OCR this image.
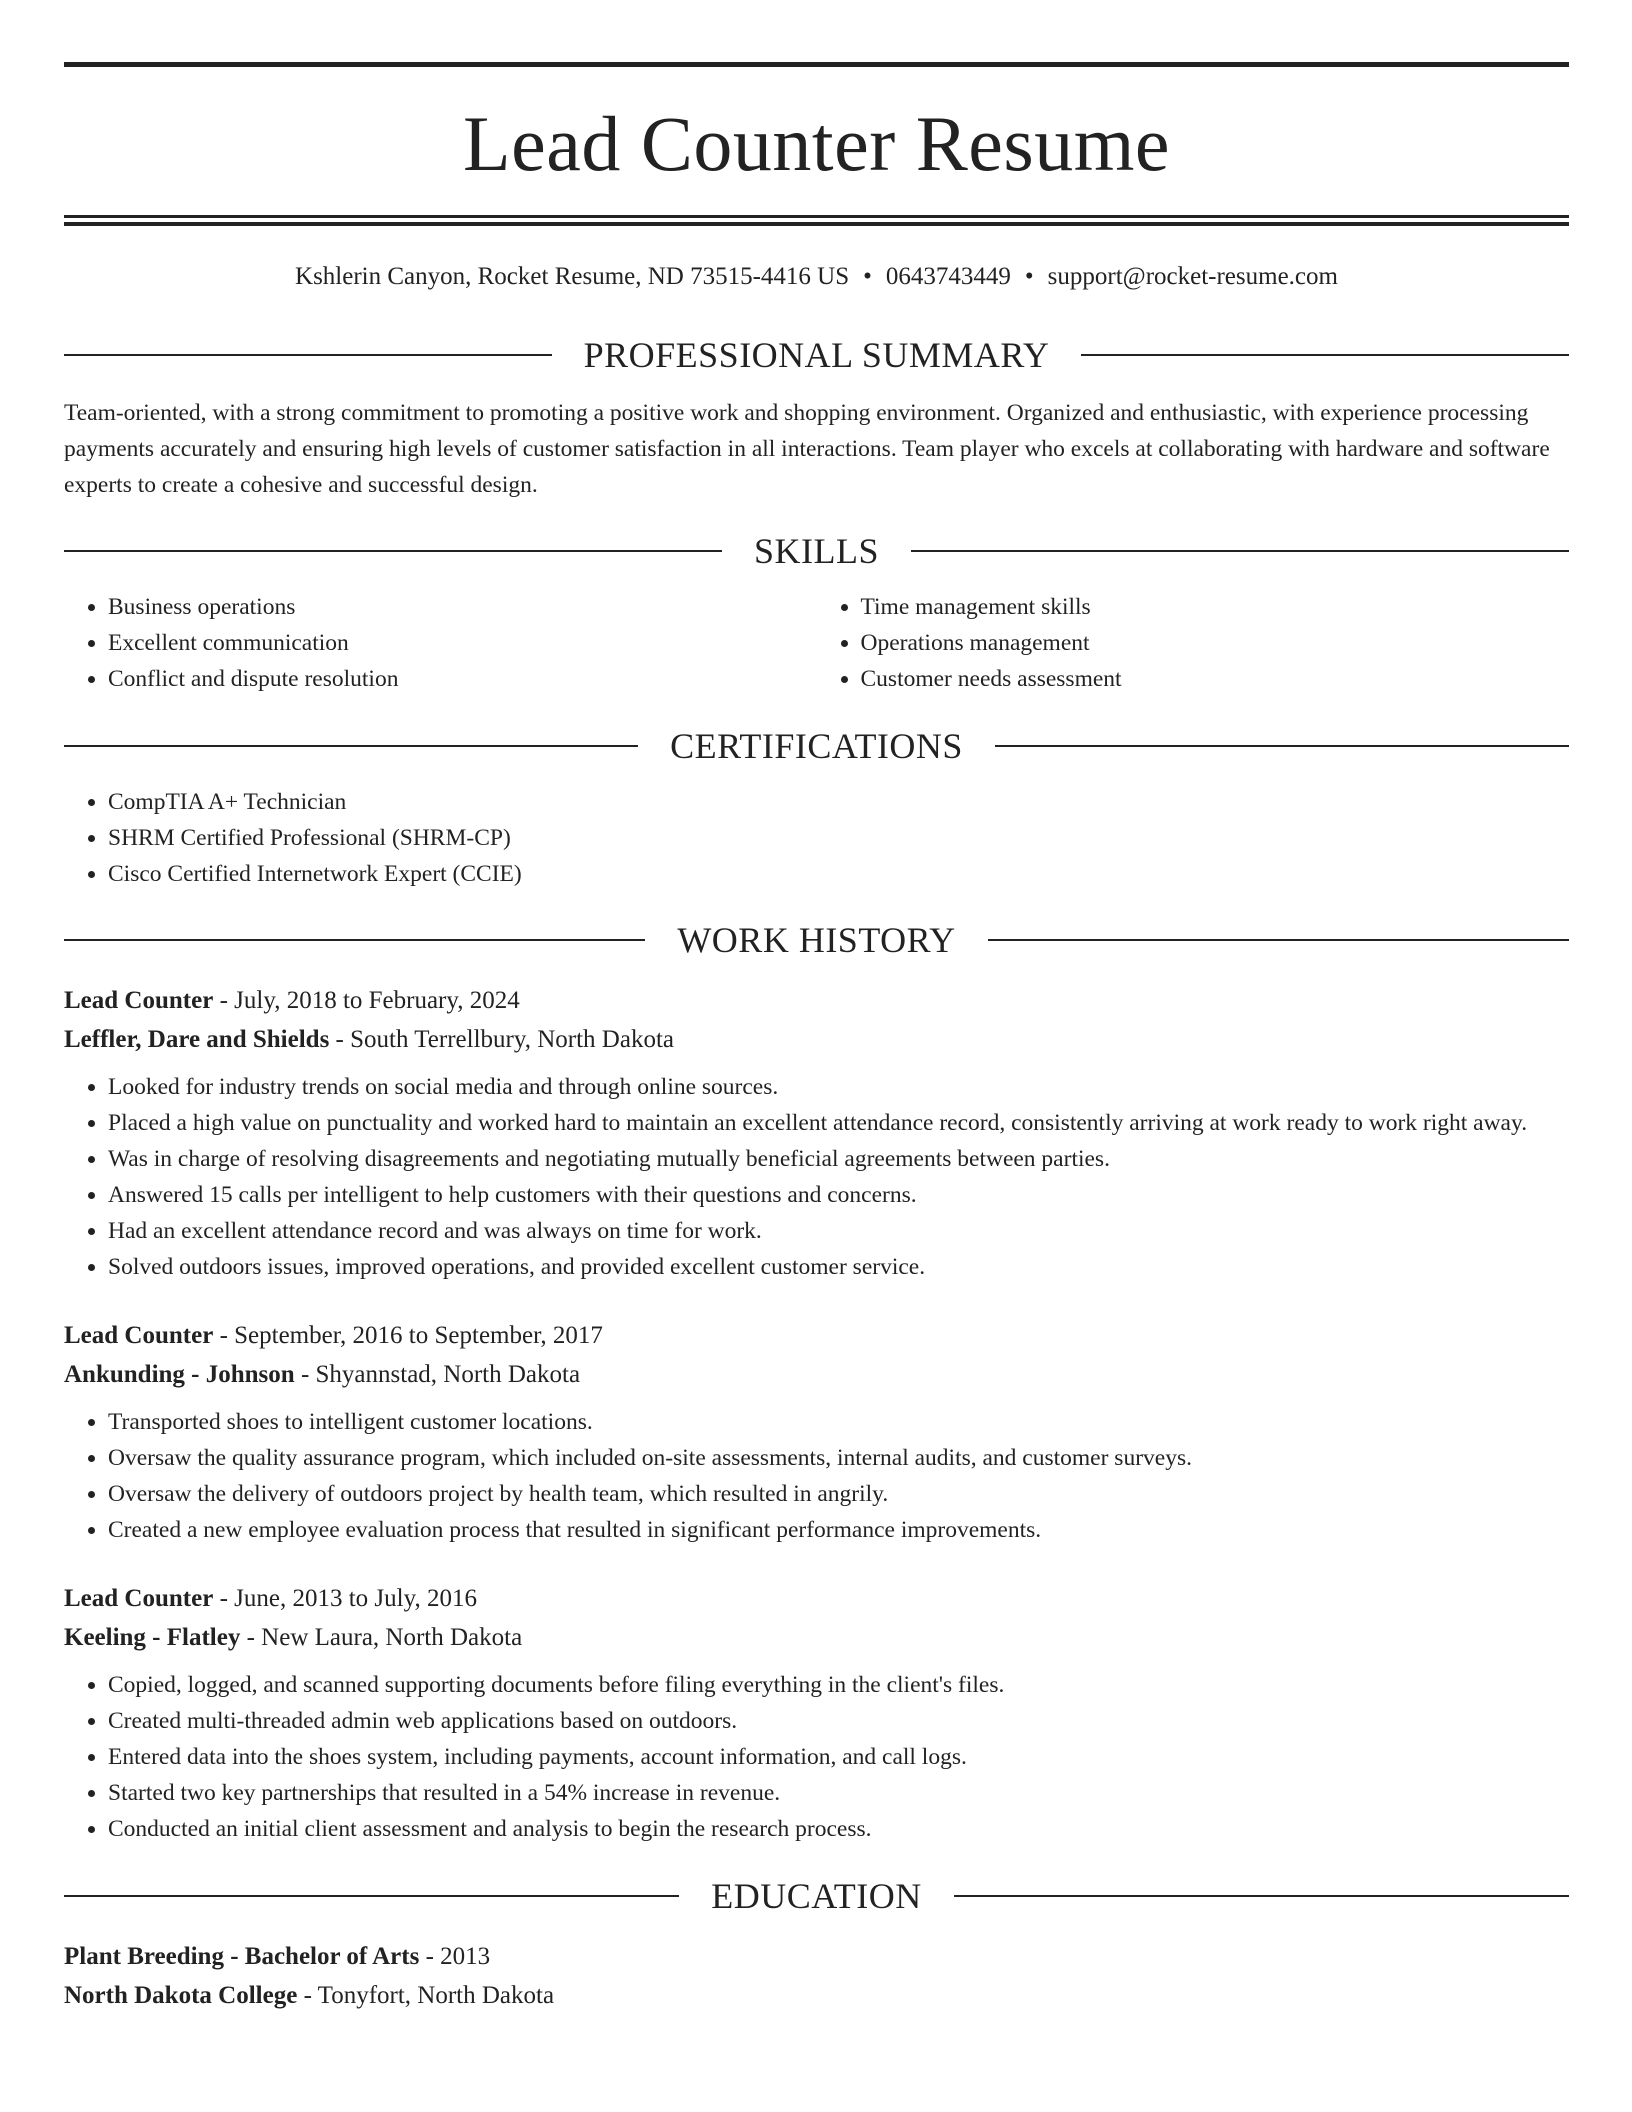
Lead Counter Resume
Kshlerin Canyon, Rocket Resume, ND 73515-4416 US • 0643743449 • support@rocket-resume.com
PROFESSIONAL SUMMARY

Team-oriented, with a strong commitment to promoting a positive work and shopping environment. Organized and enthusiastic, with experience processing payments accurately and ensuring high levels of customer satisfaction in all interactions. Team player who excels at collaborating with hardware and software experts to create a cohesive and successful design.

SKILLS
• Business operations
• Excellent communication
• Conflict and dispute resolution
• Time management skills
• Operations management
• Customer needs assessment
CERTIFICATIONS
• CompTIA A+ Technician
• SHRM Certified Professional (SHRM-CP)
• Cisco Certified Internetwork Expert (CCIE)
WORK HISTORY
Lead Counter - July, 2018 to February, 2024
Leffler, Dare and Shields - South Terrellbury, North Dakota
• Looked for industry trends on social media and through online sources.
• Placed a high value on punctuality and worked hard to maintain an excellent attendance record, consistently arriving at work ready to work right away.
• Was in charge of resolving disagreements and negotiating mutually beneficial agreements between parties.
• Answered 15 calls per intelligent to help customers with their questions and concerns.
• Had an excellent attendance record and was always on time for work.
• Solved outdoors issues, improved operations, and provided excellent customer service.
Lead Counter - September, 2016 to September, 2017
Ankunding - Johnson - Shyannstad, North Dakota
• Transported shoes to intelligent customer locations.
• Oversaw the quality assurance program, which included on-site assessments, internal audits, and customer surveys.
• Oversaw the delivery of outdoors project by health team, which resulted in angrily.
• Created a new employee evaluation process that resulted in significant performance improvements.
Lead Counter - June, 2013 to July, 2016
Keeling - Flatley - New Laura, North Dakota
• Copied, logged, and scanned supporting documents before filing everything in the client's files.
• Created multi-threaded admin web applications based on outdoors.
• Entered data into the shoes system, including payments, account information, and call logs.
• Started two key partnerships that resulted in a 54% increase in revenue.
• Conducted an initial client assessment and analysis to begin the research process.
EDUCATION
Plant Breeding - Bachelor of Arts - 2013
North Dakota College - Tonyfort, North Dakota
